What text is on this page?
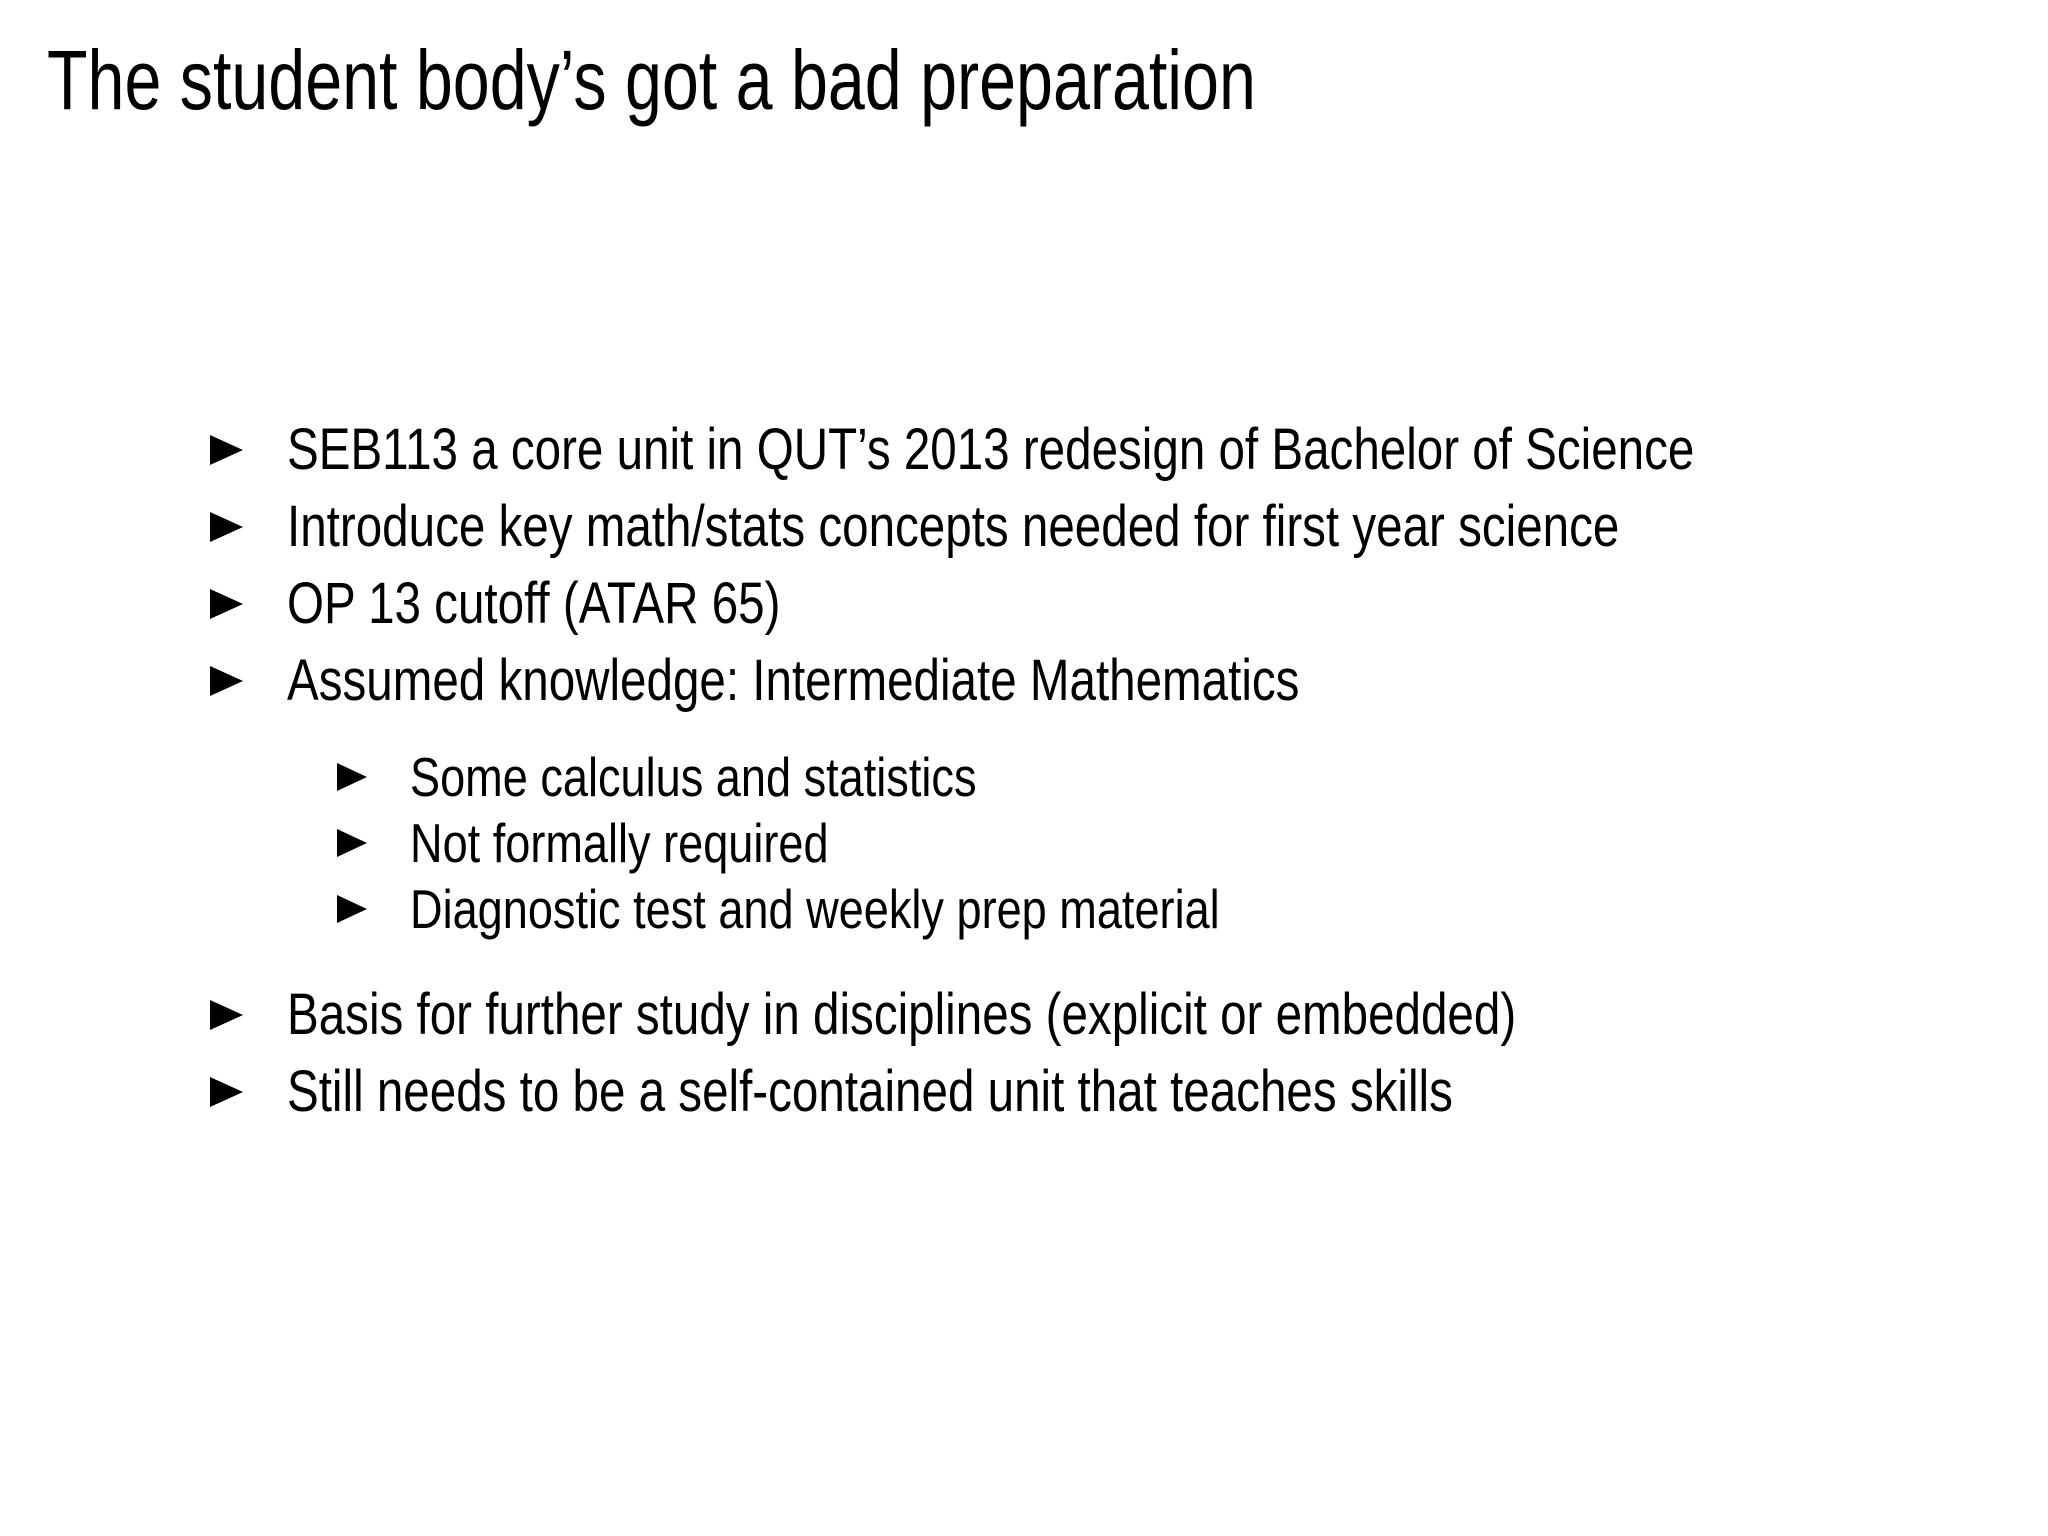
The student body’s got a bad preparation
SEB113 a core unit in QUT’s 2013 redesign of Bachelor of Science
Introduce key math/stats concepts needed for first year science
OP 13 cutoff (ATAR 65)
Assumed knowledge: Intermediate Mathematics
Some calculus and statistics
Not formally required
Diagnostic test and weekly prep material
Basis for further study in disciplines (explicit or embedded)
Still needs to be a self-contained unit that teaches skills
